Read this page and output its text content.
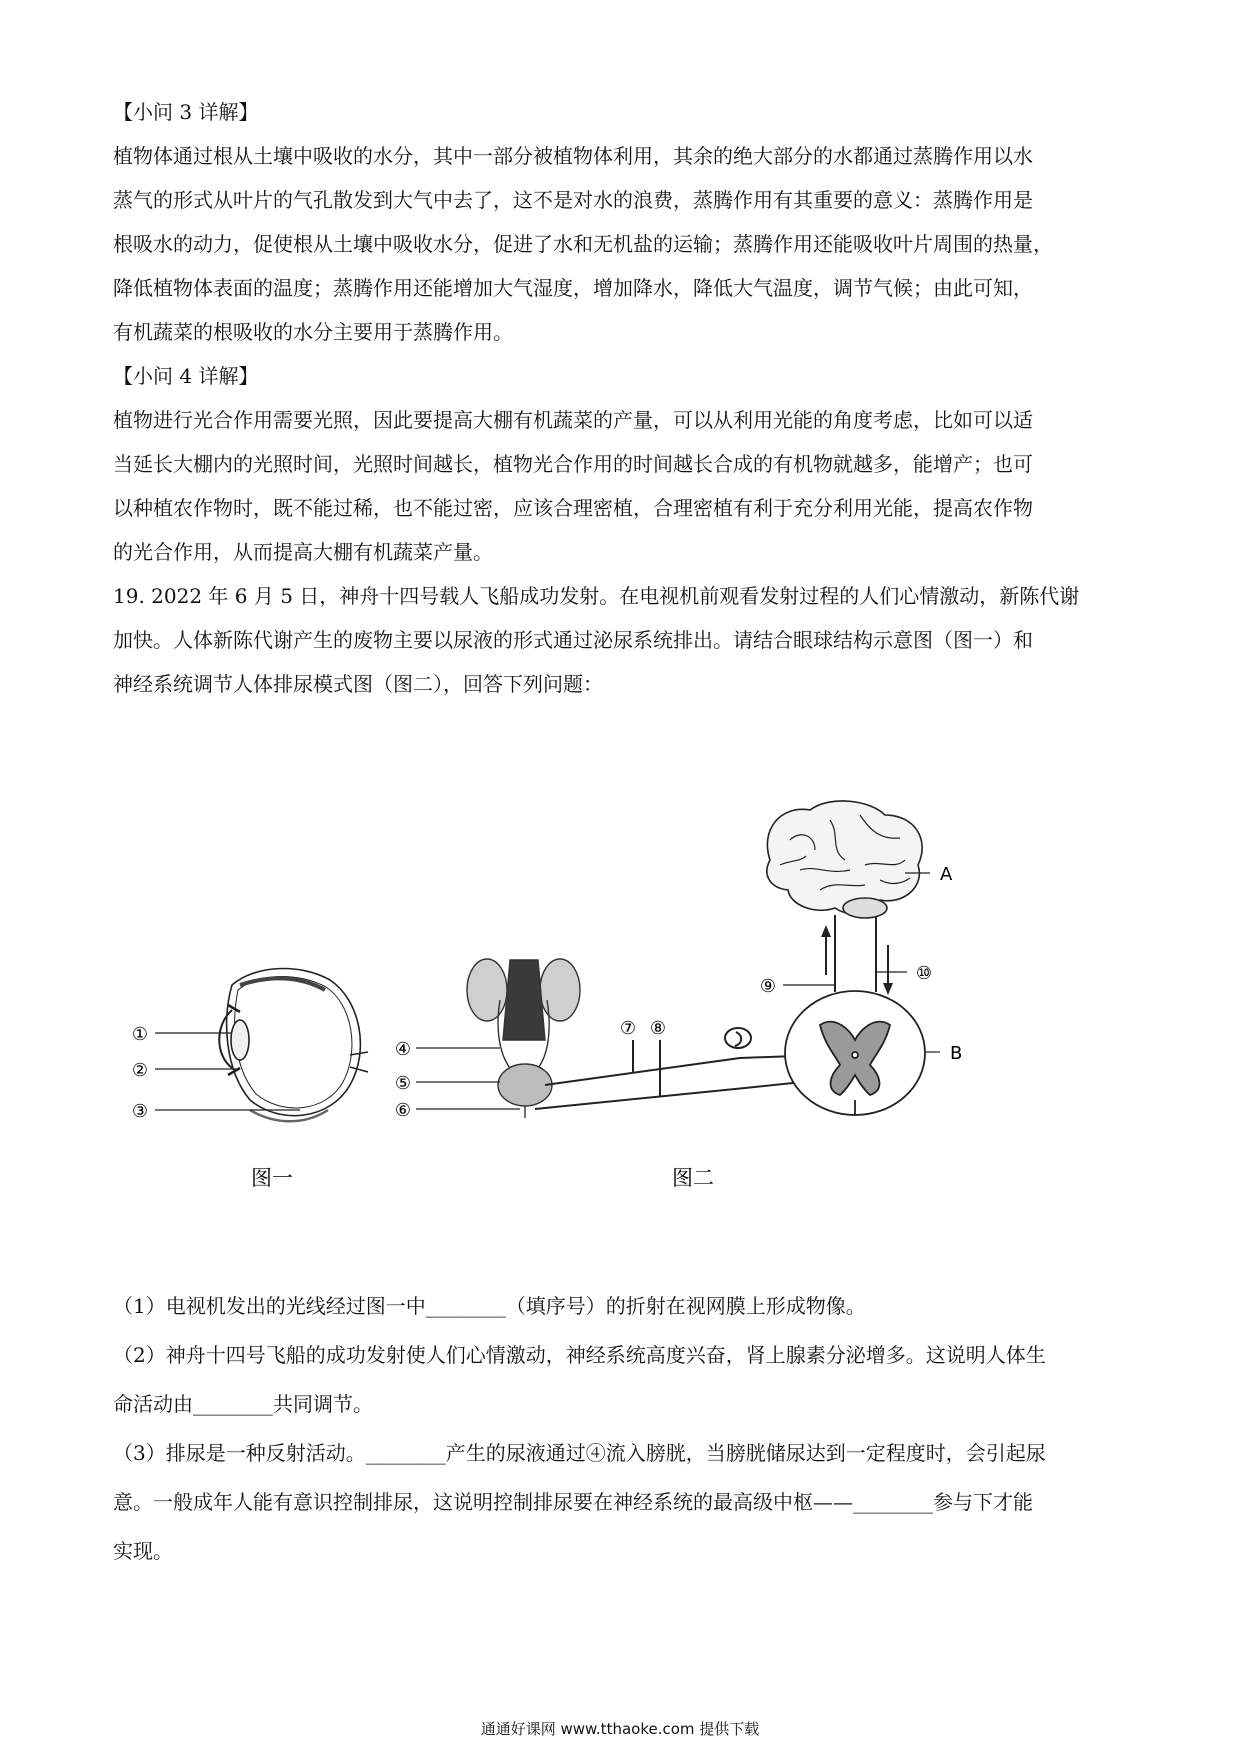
【小问 3 详解】
植物体通过根从土壤中吸收的水分，其中一部分被植物体利用，其余的绝大部分的水都通过蒸腾作用以水
蒸气的形式从叶片的气孔散发到大气中去了，这不是对水的浪费，蒸腾作用有其重要的意义：蒸腾作用是
根吸水的动力，促使根从土壤中吸收水分，促进了水和无机盐的运输；蒸腾作用还能吸收叶片周围的热量，
降低植物体表面的温度；蒸腾作用还能增加大气湿度，增加降水，降低大气温度，调节气候；由此可知，
有机蔬菜的根吸收的水分主要用于蒸腾作用。
【小问 4 详解】
植物进行光合作用需要光照，因此要提高大棚有机蔬菜的产量，可以从利用光能的角度考虑，比如可以适
当延长大棚内的光照时间，光照时间越长，植物光合作用的时间越长合成的有机物就越多，能增产；也可
以种植农作物时，既不能过稀，也不能过密，应该合理密植，合理密植有利于充分利用光能，提高农作物
的光合作用，从而提高大棚有机蔬菜产量。
19. 2022 年 6 月 5 日，神舟十四号载人飞船成功发射。在电视机前观看发射过程的人们心情激动，新陈代谢
加快。人体新陈代谢产生的废物主要以尿液的形式通过泌尿系统排出。请结合眼球结构示意图（图一）和
神经系统调节人体排尿模式图（图二），回答下列问题：
①
②
③
图一
④
⑤
⑥
⑦ ⑧
B
⑨
⑩
A
图二
（1）电视机发出的光线经过图一中________（填序号）的折射在视网膜上形成物像。
（2）神舟十四号飞船的成功发射使人们心情激动，神经系统高度兴奋，肾上腺素分泌增多。这说明人体生
命活动由________共同调节。
（3）排尿是一种反射活动。________产生的尿液通过④流入膀胱，当膀胱储尿达到一定程度时，会引起尿
意。一般成年人能有意识控制排尿，这说明控制排尿要在神经系统的最高级中枢——________参与下才能
实现。
通通好课网 www.tthaoke.com 提供下载
